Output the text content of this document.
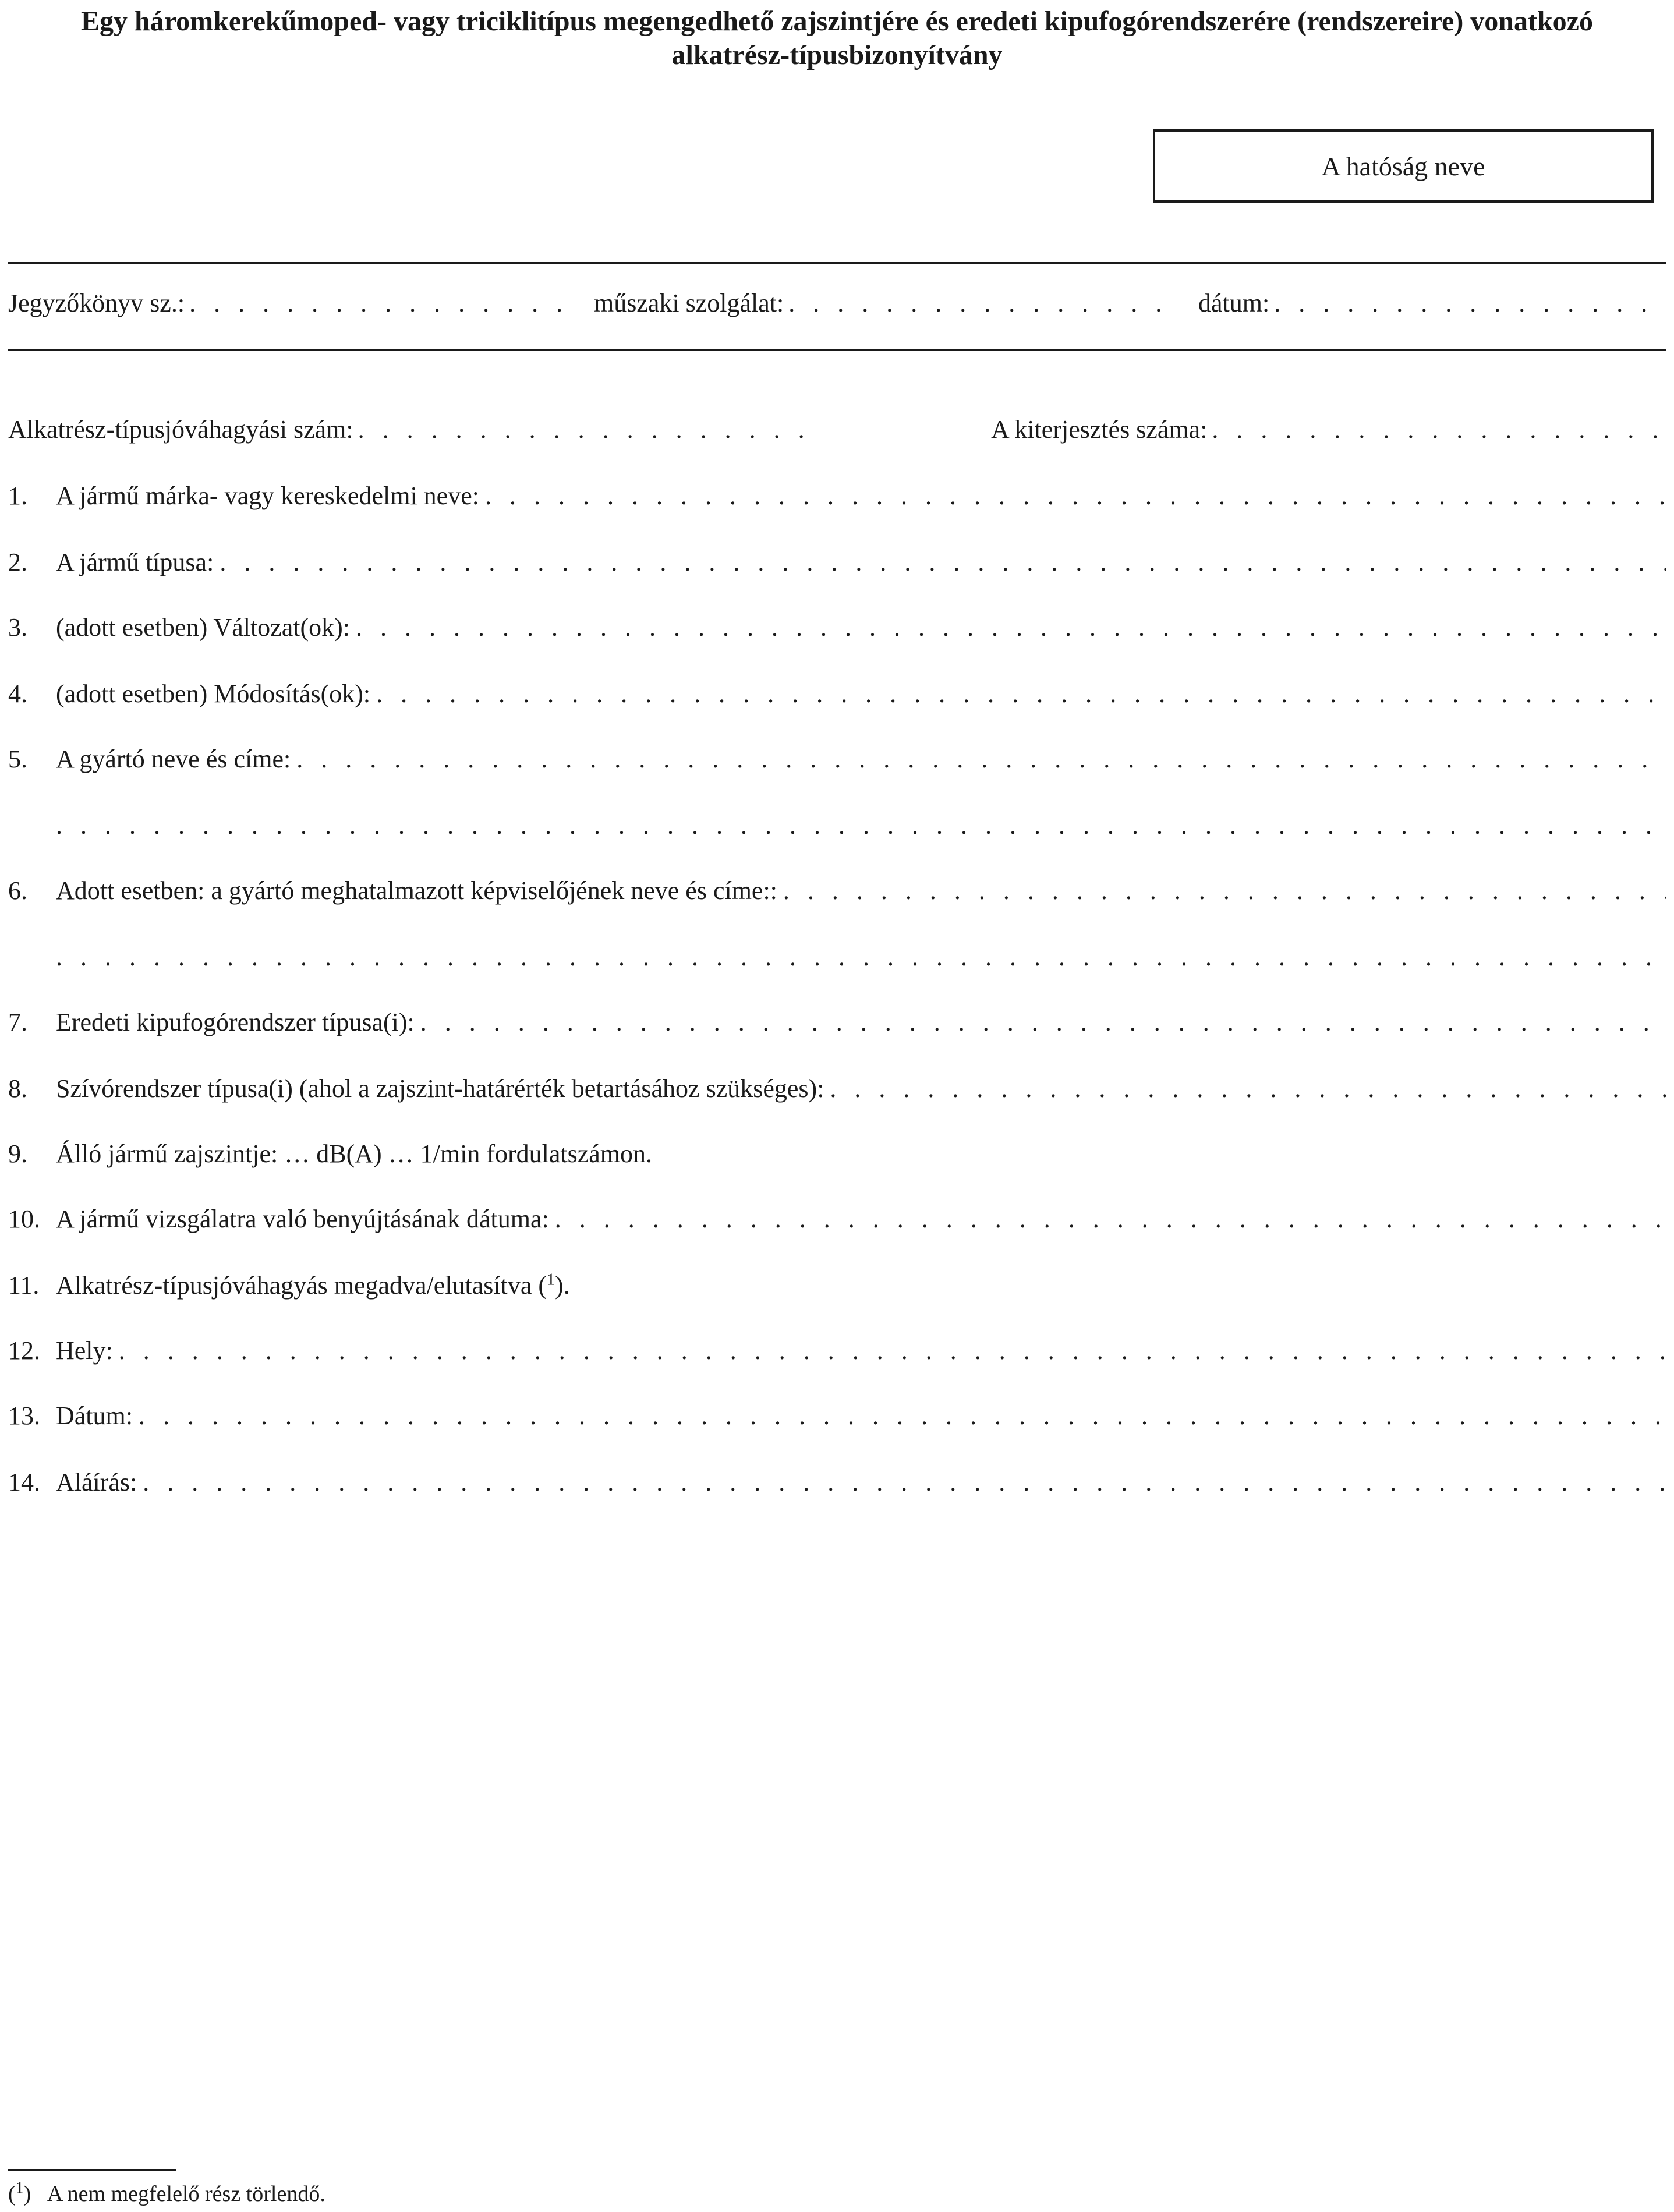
Egy háromkerekűmoped- vagy triciklitípus megengedhető zajszintjére és eredeti kipufogórendszerére (rendszereire) vonatkozó
alkatrész-típusbizonyítvány
A hatóság neve
Jegyzőkönyv sz.: . . .	műszaki szolgálat: . . .	dátum:
. . .
Alkatrész-típusjóváhagyási szám: . . .	A kiterjesztés száma:
. . .
1.	A jármű márka- vagy kereskedelmi neve:
. . .
2.	A jármű típusa:
. . .
3.	(adott esetben) Változat(ok):
. . .
4.	(adott esetben) Módosítás(ok):
. . .
5.	A gyártó neve és címe:
. . .
. . .
6.	Adott esetben: a gyártó meghatalmazott képviselőjének neve és címe::
. . .
. . .
7.	Eredeti kipufogórendszer típusa(i):
. . .
8.	Szívórendszer típusa(i) (ahol a zajszint-határérték betartásához szükséges):
. . .
9.	Álló jármű zajszintje: … dB(A) … 1/min fordulatszámon.
10. A jármű vizsgálatra való benyújtásának dátuma:
. . .
11. Alkatrész-típusjóváhagyás megadva/elutasítva ($^1$).
12. Hely:
. . .
13. Dátum:
. . .
14. Aláírás:
. . .
($^1$) A nem megfelelő rész törlendő.
